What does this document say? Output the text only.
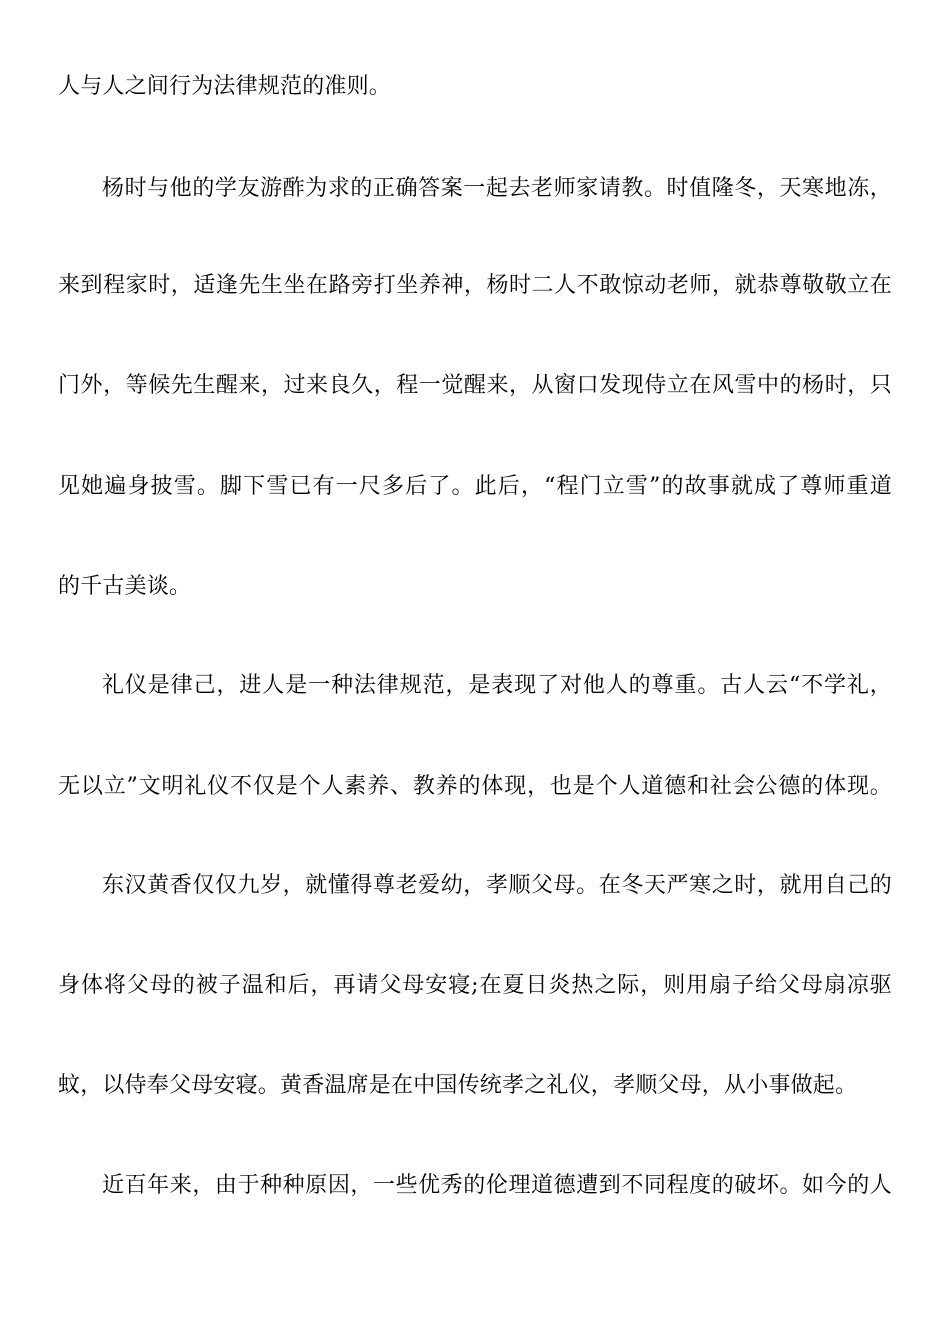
人与人之间行为法律规范的准则。
杨时与他的学友游酢为求的正确答案一起去老师家请教。时值隆冬，天寒地冻，
来到程家时，适逢先生坐在路旁打坐养神，杨时二人不敢惊动老师，就恭尊敬敬立在
门外，等候先生醒来，过来良久，程一觉醒来，从窗口发现侍立在风雪中的杨时，只
见她遍身披雪。脚下雪已有一尺多后了。此后，“程门立雪”的故事就成了尊师重道
的千古美谈。
礼仪是律己，进人是一种法律规范，是表现了对他人的尊重。古人云“不学礼，
无以立”文明礼仪不仅是个人素养、教养的体现，也是个人道德和社会公德的体现。
东汉黄香仅仅九岁，就懂得尊老爱幼，孝顺父母。在冬天严寒之时，就用自己的
身体将父母的被子温和后，再请父母安寝;在夏日炎热之际，则用扇子给父母扇凉驱
蚊，以侍奉父母安寝。黄香温席是在中国传统孝之礼仪，孝顺父母，从小事做起。
近百年来，由于种种原因，一些优秀的伦理道德遭到不同程度的破坏。如今的人
